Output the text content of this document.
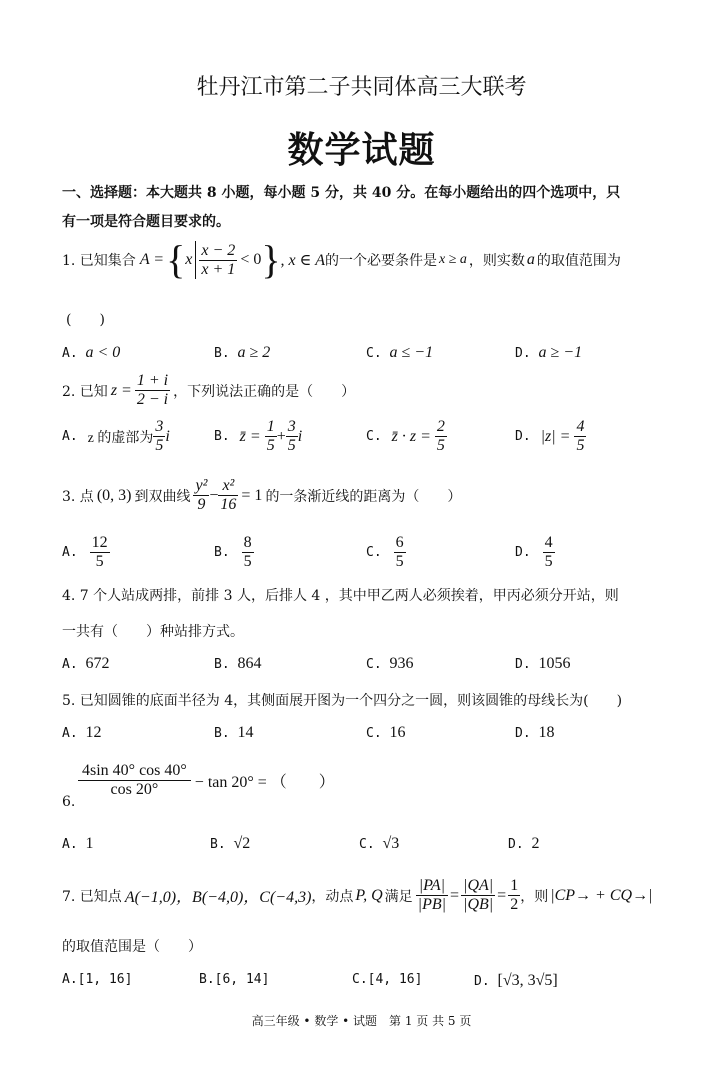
牡丹江市第二子共同体高三大联考
数学试题
一、选择题：本大题共 8 小题，每小题 5 分，共 40 分。在每小题给出的四个选项中，只
有一项是符合题目要求的。
1. 已知集合 A = { x $\frac{x - 2}{x + 1} < 0$ } , x ∈ A 的一个必要条件是 x ≥ a ，则实数 a 的取值范围为
(　　)
A. a < 0	B. a ≥ 2	C. a ≤ −1	D. a ≥ −1
2. 已知 $z = \frac{1 + i}{2 - i}$ ，下列说法正确的是（　　）
A. z 的虚部为 $\frac{3}{5}$ i	B. z̄ = $\frac{1}{5} + \frac{3}{5}$ i	C. z̄ · $z = \frac{2}{5}$	D. $|z| = \frac{4}{5}$
3. 点 (0, 3) 到双曲线 $\frac{\text{y²}}{9} - \frac{\text{x²}}{16} = 1$ 的一条渐近线的距离为（　　）
A. $\frac{12}{5}$	B. $\frac{8}{5}$	C. $\frac{6}{5}$	D. $\frac{4}{5}$
4. 7 个人站成两排，前排 3 人，后排人 4 ，其中甲乙两人必须挨着，甲丙必须分开站，则
一共有（　　）种站排方式。
A. 672	B. 864	C. 936	D. 1056
5. 已知圆锥的底面半径为 4，其侧面展开图为一个四分之一圆，则该圆锥的母线长为(　　)
A. 12	B. 14	C. 16	D. 18
$\frac{4\sin 40^\circ \cos 40^\circ}{\cos 20^\circ} - \tan 20^\circ$ = （　　）
6.
A. 1	B. √2	C. √3	D. 2
7. 已知点 A(−1,0)，B(−4,0)，C(−4,3) ，动点 P, Q 满足 $\frac{|PA|}{|PB|} = \frac{|QA|}{|QB|} = \frac{1}{2}$ ，则 |CP→ + CQ→|
的取值范围是（　　）
A.[1, 16]	B.[6, 14]	C.[4, 16]	D. [√3, 3√5]
高三年级 • 数学 • 试题　第 1 页 共 5 页
